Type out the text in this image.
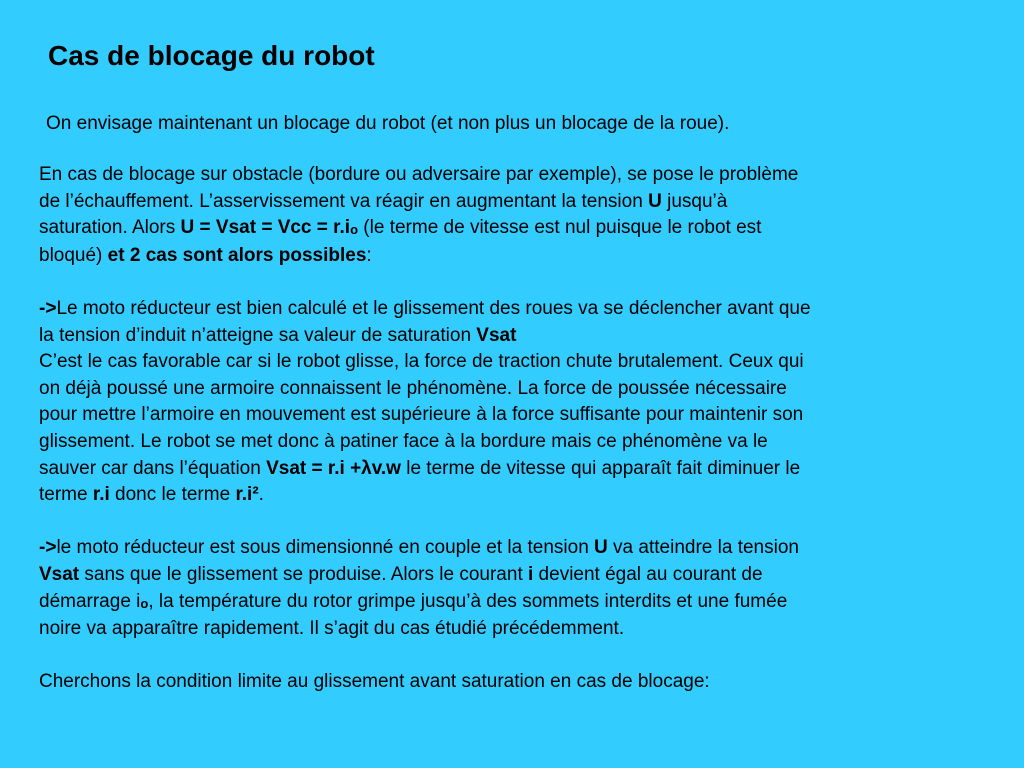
Cas de blocage du robot

On envisage maintenant un blocage du robot (et non plus un blocage de la roue).

En cas de blocage sur obstacle (bordure ou adversaire par exemple), se pose le problème
de l’échauffement. L’asservissement va réagir en augmentant la tension U jusqu’à
saturation. Alors U = Vsat = Vcc = r.io (le terme de vitesse est nul puisque le robot est
bloqué) et 2 cas sont alors possibles:

->Le moto réducteur est bien calculé et le glissement des roues va se déclencher avant que
la tension d’induit n’atteigne sa valeur de saturation Vsat
C’est le cas favorable car si le robot glisse, la force de traction chute brutalement. Ceux qui
on déjà poussé une armoire connaissent le phénomène. La force de poussée nécessaire
pour mettre l’armoire en mouvement est supérieure à la force suffisante pour maintenir son
glissement. Le robot se met donc à patiner face à la bordure mais ce phénomène va le
sauver car dans l’équation Vsat = r.i +λv.w le terme de vitesse qui apparaît fait diminuer le
terme r.i donc le terme r.i².

->le moto réducteur est sous dimensionné en couple et la tension U va atteindre la tension
Vsat sans que le glissement se produise. Alors le courant i devient égal au courant de
démarrage io, la température du rotor grimpe jusqu’à des sommets interdits et une fumée
noire va apparaître rapidement. Il s’agit du cas étudié précédemment.

Cherchons la condition limite au glissement avant saturation en cas de blocage:
